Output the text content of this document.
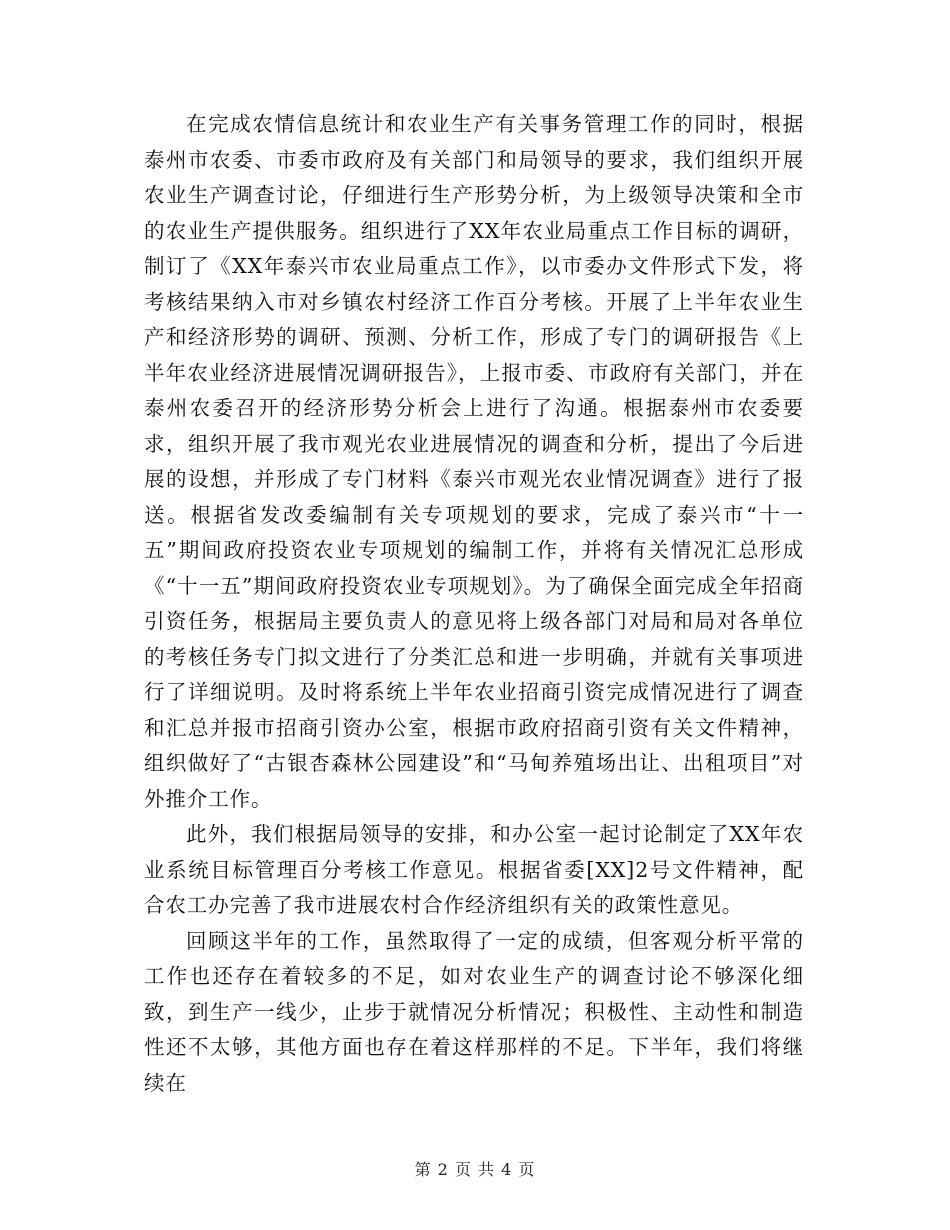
在完成农情信息统计和农业生产有关事务管理工作的同时，根据泰州市农委、市委市政府及有关部门和局领导的要求，我们组织开展农业生产调查讨论，仔细进行生产形势分析，为上级领导决策和全市的农业生产提供服务。组织进行了XX年农业局重点工作目标的调研，制订了《XX年泰兴市农业局重点工作》，以市委办文件形式下发，将考核结果纳入市对乡镇农村经济工作百分考核。开展了上半年农业生产和经济形势的调研、预测、分析工作，形成了专门的调研报告《上半年农业经济进展情况调研报告》，上报市委、市政府有关部门，并在泰州农委召开的经济形势分析会上进行了沟通。根据泰州市农委要求，组织开展了我市观光农业进展情况的调查和分析，提出了今后进展的设想，并形成了专门材料《泰兴市观光农业情况调查》进行了报送。根据省发改委编制有关专项规划的要求，完成了泰兴市“十一五”期间政府投资农业专项规划的编制工作，并将有关情况汇总形成《“十一五”期间政府投资农业专项规划》。为了确保全面完成全年招商引资任务，根据局主要负责人的意见将上级各部门对局和局对各单位的考核任务专门拟文进行了分类汇总和进一步明确，并就有关事项进行了详细说明。及时将系统上半年农业招商引资完成情况进行了调查和汇总并报市招商引资办公室，根据市政府招商引资有关文件精神，组织做好了“古银杏森林公园建设”和“马甸养殖场出让、出租项目”对外推介工作。

此外，我们根据局领导的安排，和办公室一起讨论制定了XX年农业系统目标管理百分考核工作意见。根据省委[XX]2号文件精神，配合农工办完善了我市进展农村合作经济组织有关的政策性意见。

回顾这半年的工作，虽然取得了一定的成绩，但客观分析平常的工作也还存在着较多的不足，如对农业生产的调查讨论不够深化细致，到生产一线少，止步于就情况分析情况；积极性、主动性和制造性还不太够，其他方面也存在着这样那样的不足。下半年，我们将继续在

第 2 页 共 4 页
